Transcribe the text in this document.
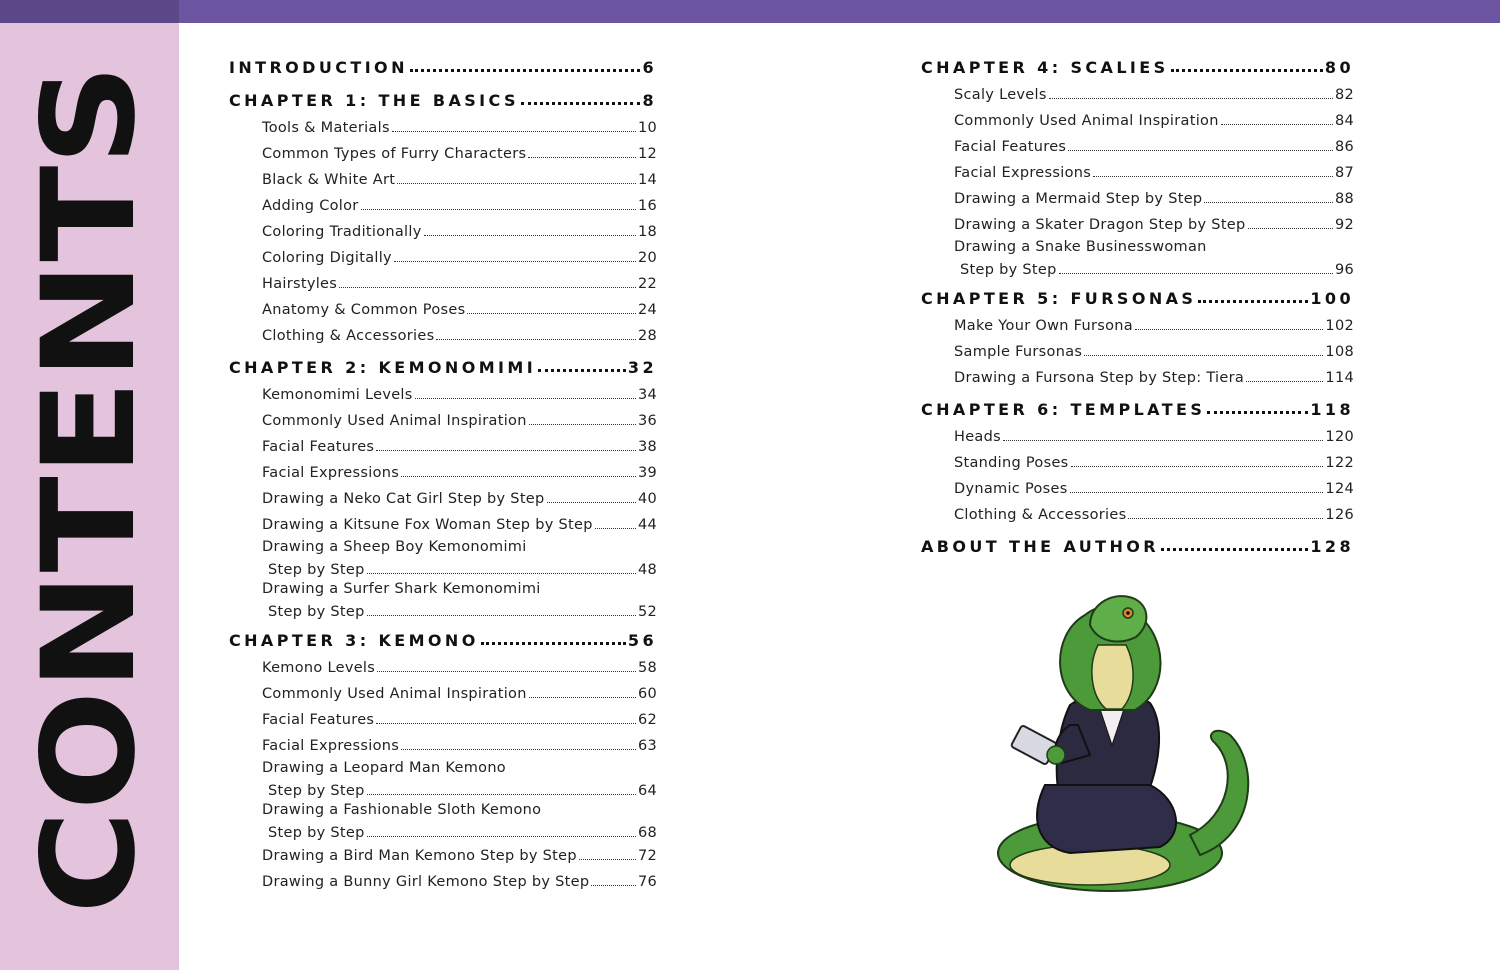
CONTENTS
INTRODUCTION	6
CHAPTER 1: THE BASICS	8
Tools & Materials	10
Common Types of Furry Characters	12
Black & White Art	14
Adding Color	16
Coloring Traditionally	18
Coloring Digitally	20
Hairstyles	22
Anatomy & Common Poses	24
Clothing & Accessories	28
CHAPTER 2: KEMONOMIMI	32
Kemonomimi Levels	34
Commonly Used Animal Inspiration	36
Facial Features	38
Facial Expressions	39
Drawing a Neko Cat Girl Step by Step	40
Drawing a Kitsune Fox Woman Step by Step	44
Drawing a Sheep Boy Kemonomimi
Step by Step	48
Drawing a Surfer Shark Kemonomimi
Step by Step	52
CHAPTER 3: KEMONO	56
Kemono Levels	58
Commonly Used Animal Inspiration	60
Facial Features	62
Facial Expressions	63
Drawing a Leopard Man Kemono
Step by Step	64
Drawing a Fashionable Sloth Kemono
Step by Step	68
Drawing a Bird Man Kemono Step by Step	72
Drawing a Bunny Girl Kemono Step by Step	76
CHAPTER 4: SCALIES	80
Scaly Levels	82
Commonly Used Animal Inspiration	84
Facial Features	86
Facial Expressions	87
Drawing a Mermaid Step by Step	88
Drawing a Skater Dragon Step by Step	92
Drawing a Snake Businesswoman
Step by Step	96
CHAPTER 5: FURSONAS	100
Make Your Own Fursona	102
Sample Fursonas	108
Drawing a Fursona Step by Step: Tiera	114
CHAPTER 6: TEMPLATES	118
Heads	120
Standing Poses	122
Dynamic Poses	124
Clothing & Accessories	126
ABOUT THE AUTHOR	128
